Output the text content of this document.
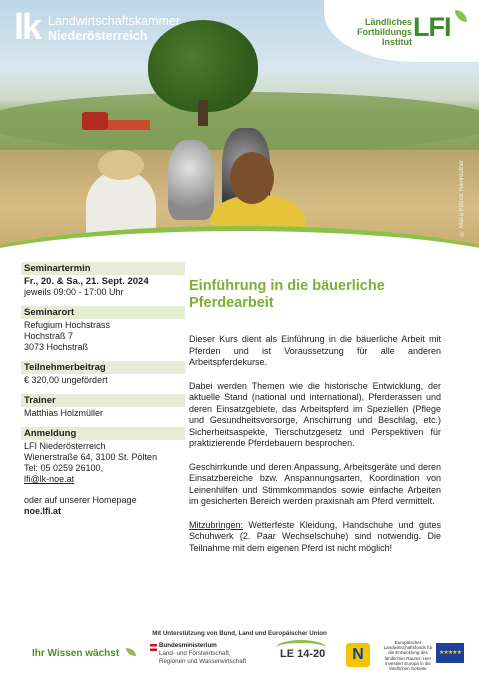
lk Landwirtschaftskammer
Niederösterreich
Ländliches
Fortbildungs
Institut LFI
© Maria Patrick Hainreuther
Seminartermin
Fr., 20. & Sa., 21. Sept. 2024
jeweils 09:00 - 17:00 Uhr
Seminarort
Refugium Hochstrass
Hochstraß 7
3073 Hochstraß
Teilnehmerbeitrag
€ 320,00 ungefördert
Trainer
Matthias Holzmüller
Anmeldung
LFI Niederösterreich
Wienerstraße 64, 3100 St. Pölten
Tel: 05 0259 26100,
lfi@lk-noe.at
oder auf unserer Homepage
noe.lfi.at
Einführung in die bäuerliche Pferdearbeit

Dieser Kurs dient als Einführung in die bäuerliche Arbeit mit Pferden und ist Voraussetzung für alle anderen Arbeitspferdekurse.

Dabei werden Themen wie die historische Entwicklung, der aktuelle Stand (national und international), Pferderassen und deren Einsatzgebiete, das Arbeitspferd im Speziellen (Pflege und Gesundheitsvorsorge, Anschirrung und Beschlag, etc.) Sicherheitsaspekte, Tierschutzgesetz und Perspektiven für praktizierende Pferdebauern besprochen.

Geschirrkunde und deren Anpassung, Arbeitsgeräte und deren Einsatzbereiche bzw. Anspannungsarten, Koordination von Leinenhilfen und Stimmkommandos sowie einfache Arbeiten im gesicherten Bereich werden praxisnah am Pferd vermittelt.

Mitzubringen: Wetterfeste Kleidung, Handschuhe und gutes Schuhwerk (2. Paar Wechselschuhe) sind notwendig. Die Teilnahme mit dem eigenen Pferd ist nicht möglich!

Mit Unterstützung von Bund, Land und Europäischer Union
Ihr Wissen wächst
Bundesministerium
Land- und Forstwirtschaft,
Regionen und Wasserwirtschaft
LE 14-20	N
Europäischer Landwirtschaftsfonds für die Entwicklung des ländlichen Raums: Hier investiert Europa in die ländlichen Gebiete
★★★★★
